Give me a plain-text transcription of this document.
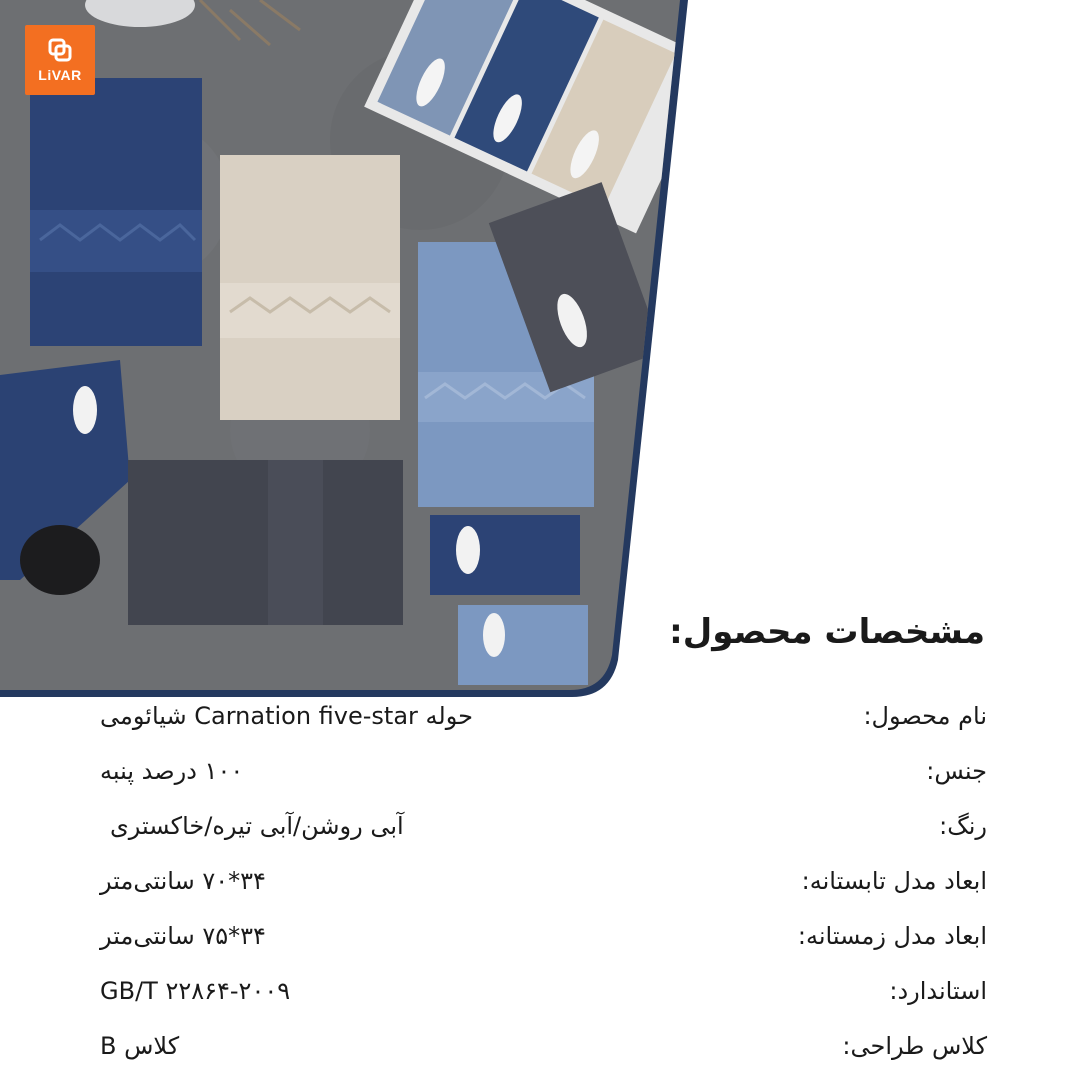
LiVAR
مشخصات محصول:
نام محصول:
حوله Carnation five-star شیائومی
جنس:
۱۰۰ درصد پنبه
رنگ:
آبی روشن/آبی تیره/خاکستری
ابعاد مدل تابستانه:
۳۴*۷۰ سانتی‌متر
ابعاد مدل زمستانه:
۳۴*۷۵ سانتی‌متر
استاندارد:
GB/T ۲۲۸۶۴-۲۰۰۹
کلاس طراحی:
کلاس B
